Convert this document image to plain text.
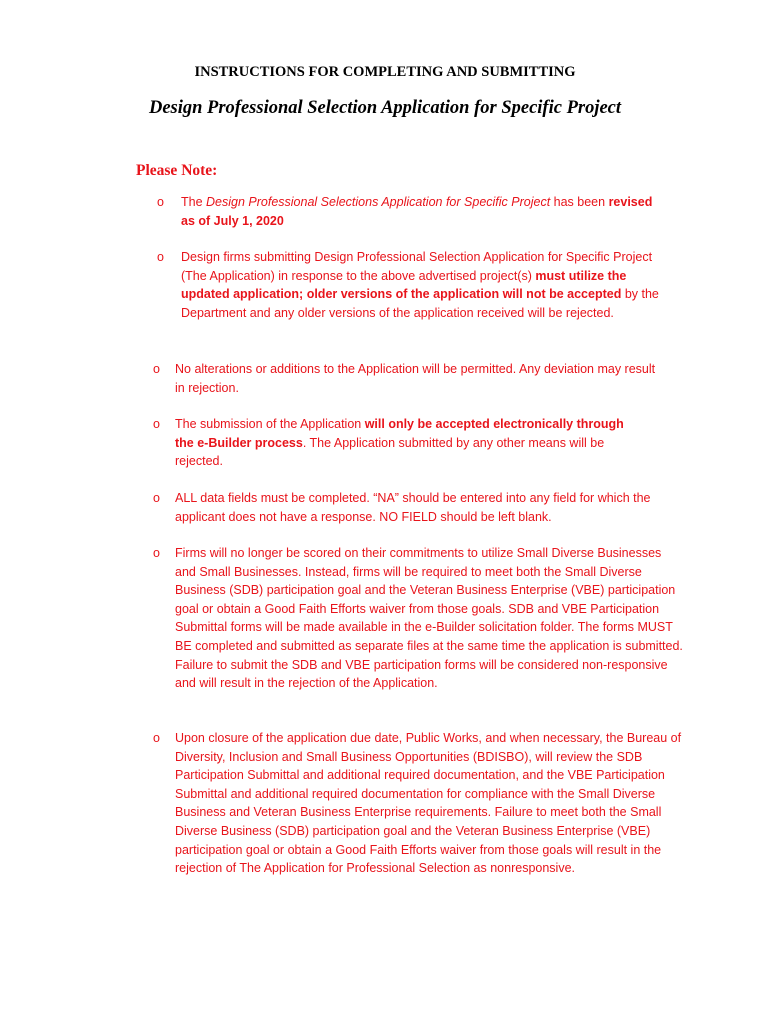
INSTRUCTIONS FOR COMPLETING AND SUBMITTING
Design Professional Selection Application for Specific Project
Please Note:
o The Design Professional Selections Application for Specific Project has been revised as of July 1, 2020
o Design firms submitting Design Professional Selection Application for Specific Project (The Application) in response to the above advertised project(s) must utilize the updated application; older versions of the application will not be accepted by the Department and any older versions of the application received will be rejected.
o No alterations or additions to the Application will be permitted. Any deviation may result in rejection.
o The submission of the Application will only be accepted electronically through the e-Builder process. The Application submitted by any other means will be rejected.
o ALL data fields must be completed. “NA” should be entered into any field for which the applicant does not have a response. NO FIELD should be left blank.
o Firms will no longer be scored on their commitments to utilize Small Diverse Businesses and Small Businesses. Instead, firms will be required to meet both the Small Diverse Business (SDB) participation goal and the Veteran Business Enterprise (VBE) participation goal or obtain a Good Faith Efforts waiver from those goals. SDB and VBE Participation Submittal forms will be made available in the e-Builder solicitation folder. The forms MUST BE completed and submitted as separate files at the same time the application is submitted. Failure to submit the SDB and VBE participation forms will be considered non-responsive and will result in the rejection of the Application.
o Upon closure of the application due date, Public Works, and when necessary, the Bureau of Diversity, Inclusion and Small Business Opportunities (BDISBO), will review the SDB Participation Submittal and additional required documentation, and the VBE Participation Submittal and additional required documentation for compliance with the Small Diverse Business and Veteran Business Enterprise requirements. Failure to meet both the Small Diverse Business (SDB) participation goal and the Veteran Business Enterprise (VBE) participation goal or obtain a Good Faith Efforts waiver from those goals will result in the rejection of The Application for Professional Selection as nonresponsive.
